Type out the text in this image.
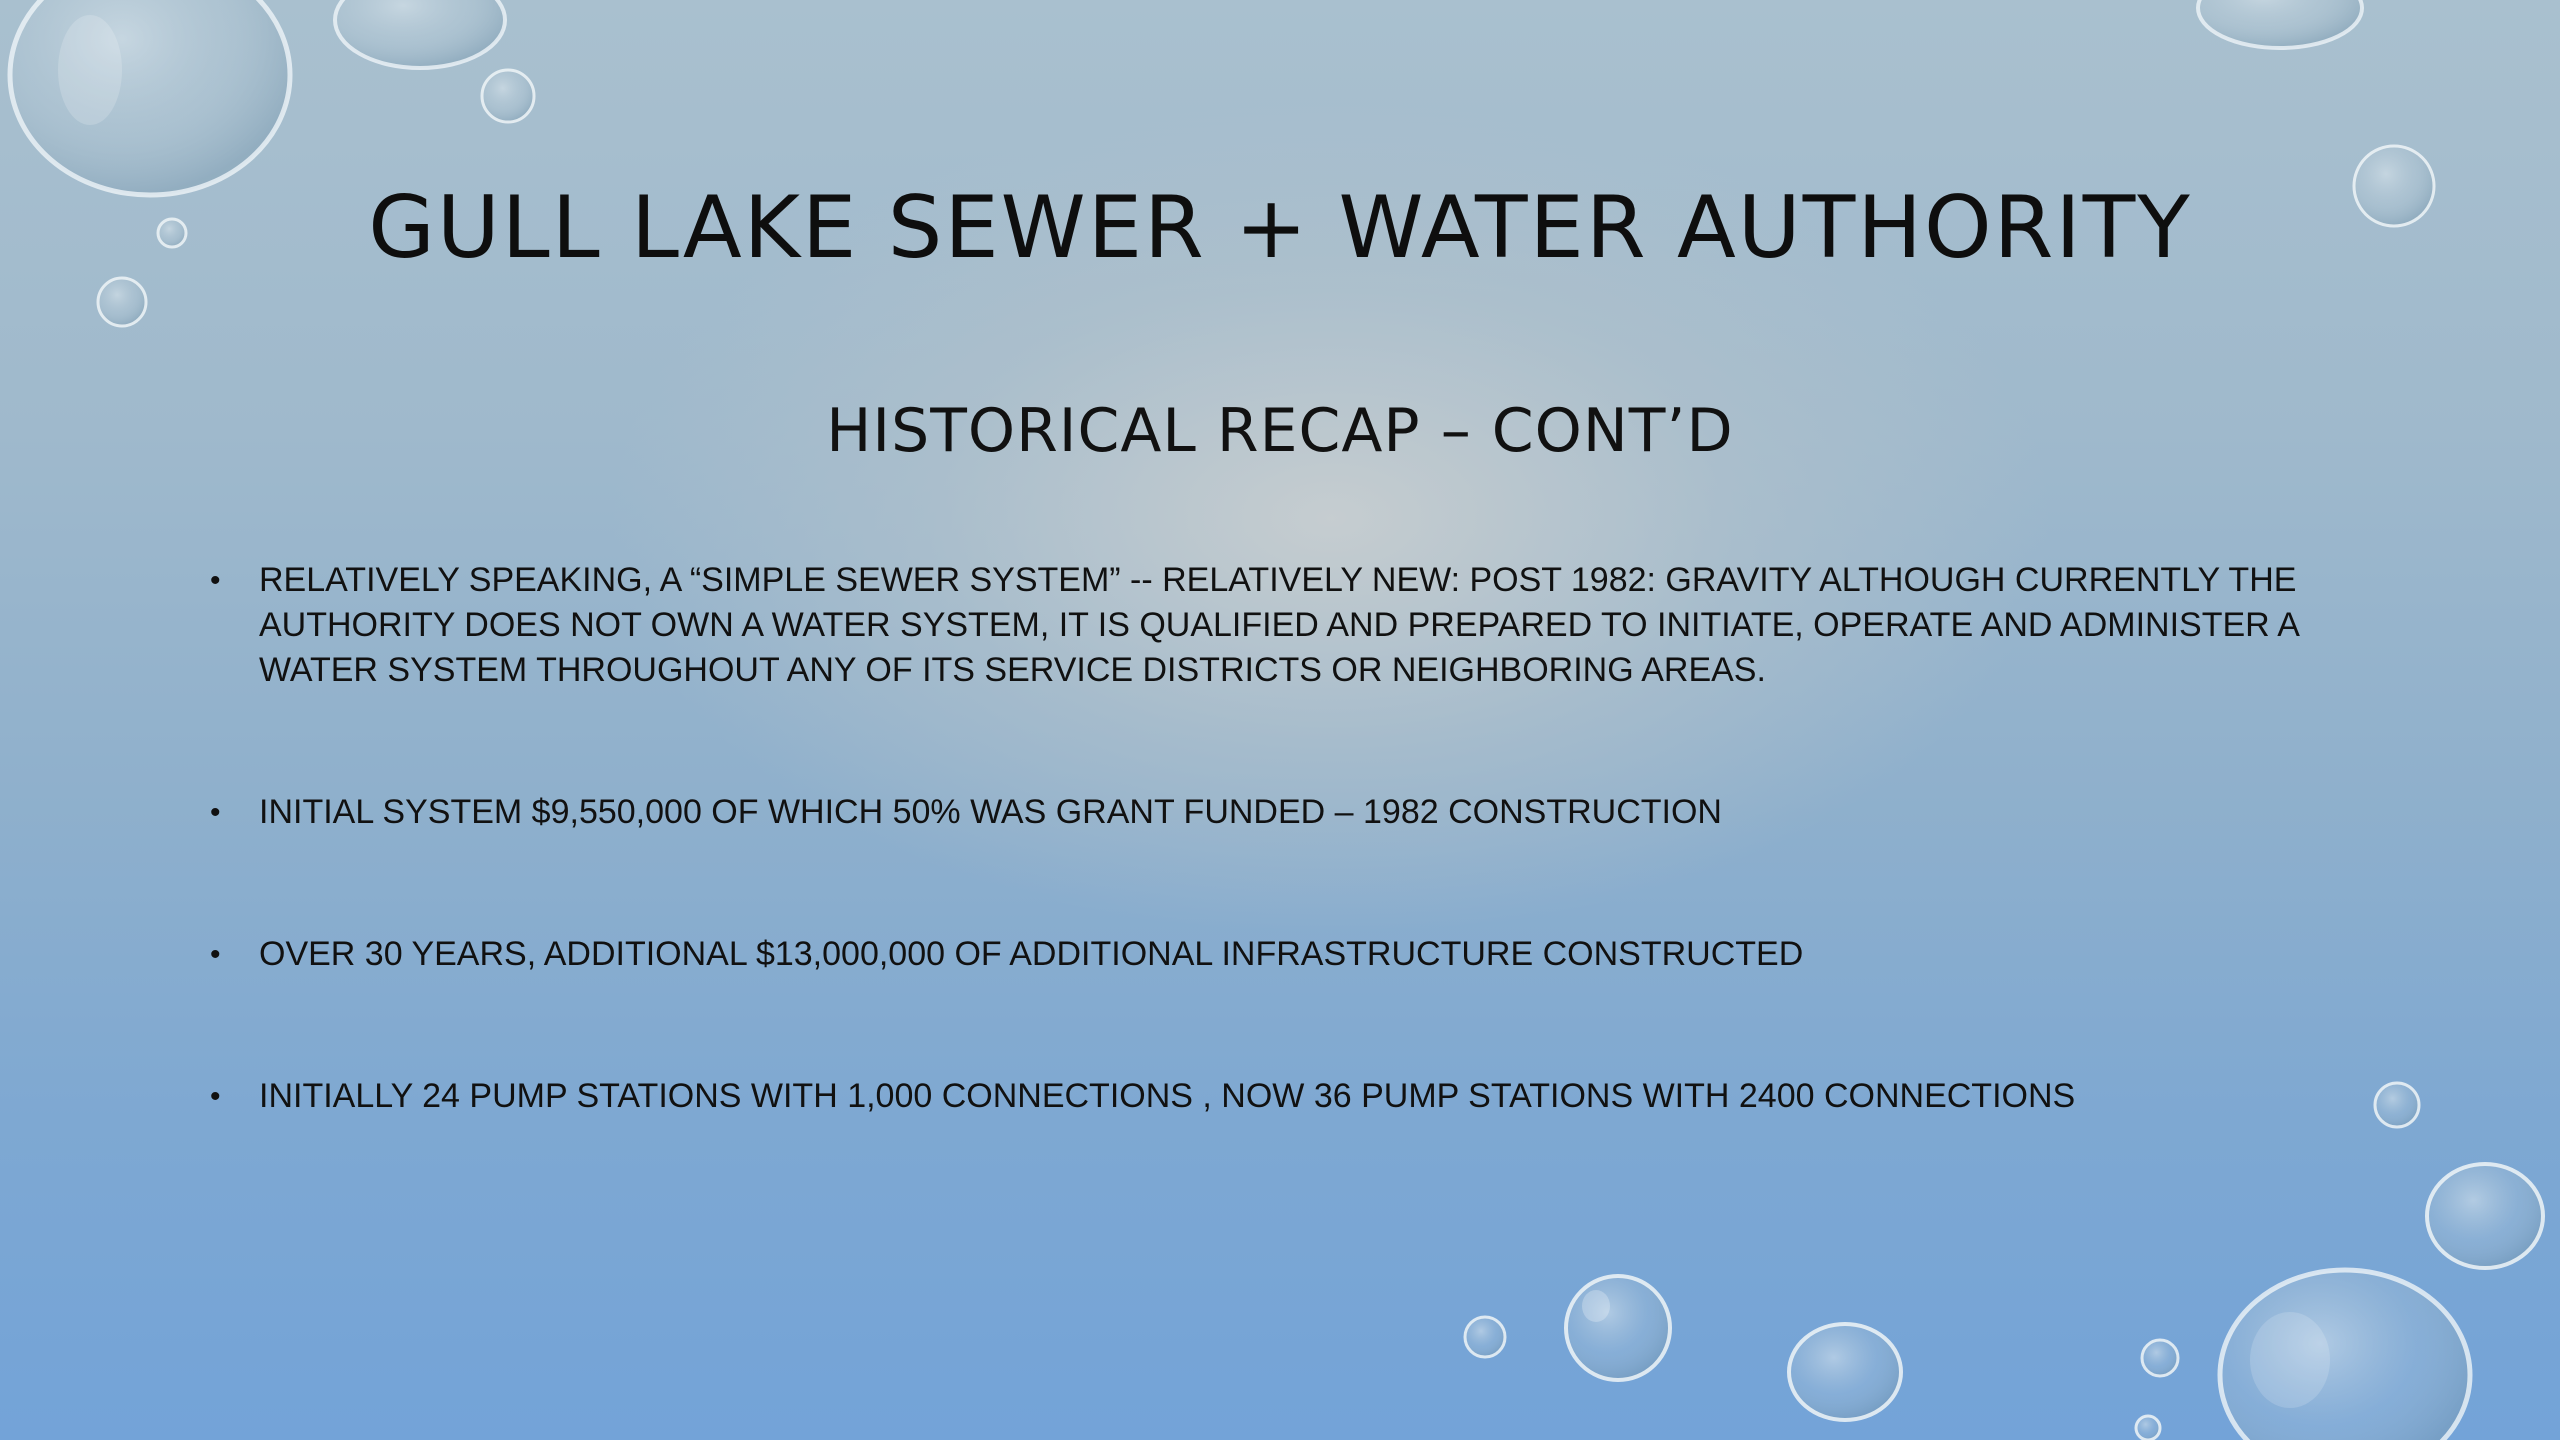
GULL LAKE SEWER + WATER AUTHORITY
HISTORICAL RECAP – CONT’D
• RELATIVELY SPEAKING, A “SIMPLE SEWER SYSTEM” -- RELATIVELY NEW: POST 1982: GRAVITY ALTHOUGH CURRENTLY THE AUTHORITY DOES NOT OWN A WATER SYSTEM, IT IS QUALIFIED AND PREPARED TO INITIATE, OPERATE AND ADMINISTER A WATER SYSTEM THROUGHOUT ANY OF ITS SERVICE DISTRICTS OR NEIGHBORING AREAS.
• INITIAL SYSTEM $9,550,000 OF WHICH 50% WAS GRANT FUNDED – 1982 CONSTRUCTION
• OVER 30 YEARS, ADDITIONAL $13,000,000 OF ADDITIONAL INFRASTRUCTURE CONSTRUCTED
• INITIALLY 24 PUMP STATIONS WITH 1,000 CONNECTIONS , NOW 36 PUMP STATIONS WITH 2400 CONNECTIONS
